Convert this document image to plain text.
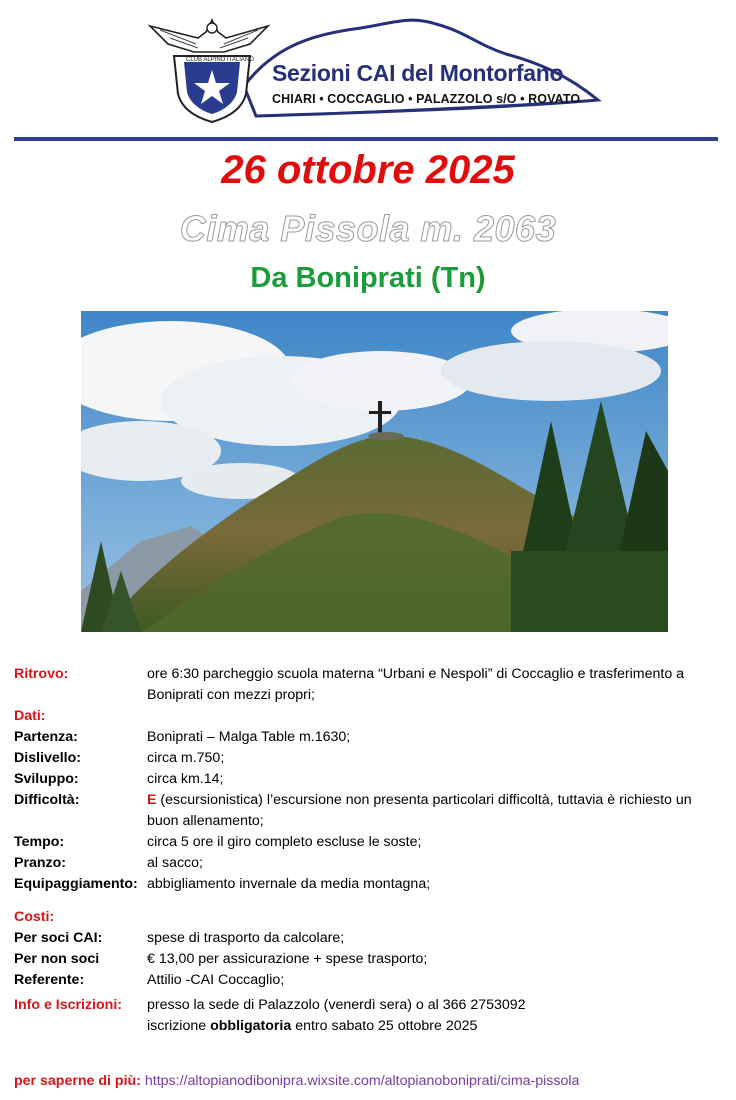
CLUB ALPINO ITALIANO Sezioni CAI del Montorfano
CHIARI • COCCAGLIO • PALAZZOLO s/O • ROVATO
26 ottobre 2025
Cima Pissola m. 2063
Da Boniprati (Tn)
Ritrovo:	ore 6:30 parcheggio scuola materna “Urbani e Nespoli” di Coccaglio e trasferimento a Boniprati con mezzi propri;
Dati:
Partenza:	Boniprati – Malga Table m.1630;
Dislivello:	circa m.750;
Sviluppo:	circa km.14;
Difficoltà:	E (escursionistica) l’escursione non presenta particolari difficoltà, tuttavia è richiesto un buon allenamento;
Tempo:	circa 5 ore il giro completo escluse le soste;
Pranzo:	al sacco;
Equipaggiamento: abbigliamento invernale da media montagna;
Costi:
Per soci CAI:	spese di trasporto da calcolare;
Per non soci	€ 13,00 per assicurazione + spese trasporto;
Referente:	Attilio -CAI Coccaglio;
Info e Iscrizioni:	presso la sede di Palazzolo (venerdì sera) o al 366 2753092
iscrizione obbligatoria entro sabato 25 ottobre 2025
per saperne di più: https://altopianodibonipra.wixsite.com/altopianoboniprati/cima-pissola
